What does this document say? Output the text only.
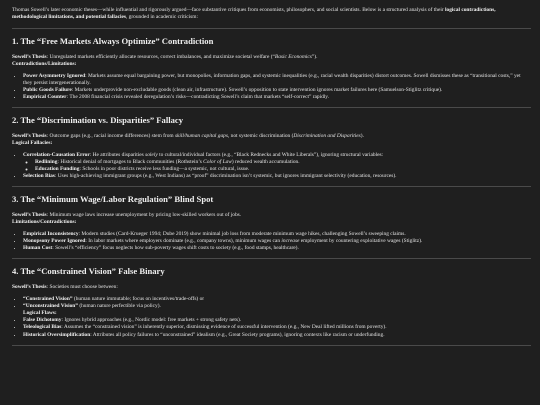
Thomas Sowell’s later economic theses—while influential and rigorously argued—face substantive critiques from economists, philosophers, and social scientists. Below is a structured analysis of their logical contradictions, methodological limitations, and potential fallacies, grounded in academic criticism:

1. The “Free Markets Always Optimize” Contradiction

Sowell’s Thesis: Unregulated markets efficiently allocate resources, correct imbalances, and maximize societal welfare (“Basic Economics”).

Contradictions/Limitations:

• Power Asymmetry Ignored: Markets assume equal bargaining power, but monopolies, information gaps, and systemic inequalities (e.g., racial wealth disparities) distort outcomes. Sowell dismisses these as “transitional costs,” yet they persist intergenerationally.
• Public Goods Failure: Markets underprovide non-excludable goods (clean air, infrastructure). Sowell’s opposition to state intervention ignores market failures here (Samuelson-Stiglitz critique).
• Empirical Counter: The 2008 financial crisis revealed deregulation’s risks—contradicting Sowell’s claim that markets “self-correct” rapidly.
2. The “Discrimination vs. Disparities” Fallacy

Sowell’s Thesis: Outcome gaps (e.g., racial income differences) stem from skill/human capital gaps, not systemic discrimination (Discrimination and Disparities).

Logical Fallacies:

• Correlation-Causation Error: He attributes disparities solely to cultural/individual factors (e.g., “Black Rednecks and White Liberals”), ignoring structural variables:
◦ Redlining: Historical denial of mortgages to Black communities (Rothstein’s Color of Law) reduced wealth accumulation.
◦ Education Funding: Schools in poor districts receive less funding—a systemic, not cultural, issue.
• Selection Bias: Uses high-achieving immigrant groups (e.g., West Indians) as “proof” discrimination isn’t systemic, but ignores immigrant selectivity (education, resources).
3. The “Minimum Wage/Labor Regulation” Blind Spot

Sowell’s Thesis: Minimum wage laws increase unemployment by pricing low-skilled workers out of jobs.

Limitations/Contradictions:

• Empirical Inconsistency: Modern studies (Card-Krueger 1994; Dube 2019) show minimal job loss from moderate minimum wage hikes, challenging Sowell’s sweeping claims.
• Monopsony Power Ignored: In labor markets where employers dominate (e.g., company towns), minimum wages can increase employment by countering exploitative wages (Stiglitz).
• Human Cost: Sowell’s “efficiency” focus neglects how sub-poverty wages shift costs to society (e.g., food stamps, healthcare).
4. The “Constrained Vision” False Binary

Sowell’s Thesis: Societies must choose between:

• “Constrained Vision” (human nature immutable; focus on incentives/trade-offs) or
• “Unconstrained Vision” (human nature perfectible via policy).
Logical Flaws:
• False Dichotomy: Ignores hybrid approaches (e.g., Nordic model: free markets + strong safety nets).
• Teleological Bias: Assumes the “constrained vision” is inherently superior, dismissing evidence of successful intervention (e.g., New Deal lifted millions from poverty).
• Historical Oversimplification: Attributes all policy failures to “unconstrained” idealism (e.g., Great Society programs), ignoring contexts like racism or underfunding.
